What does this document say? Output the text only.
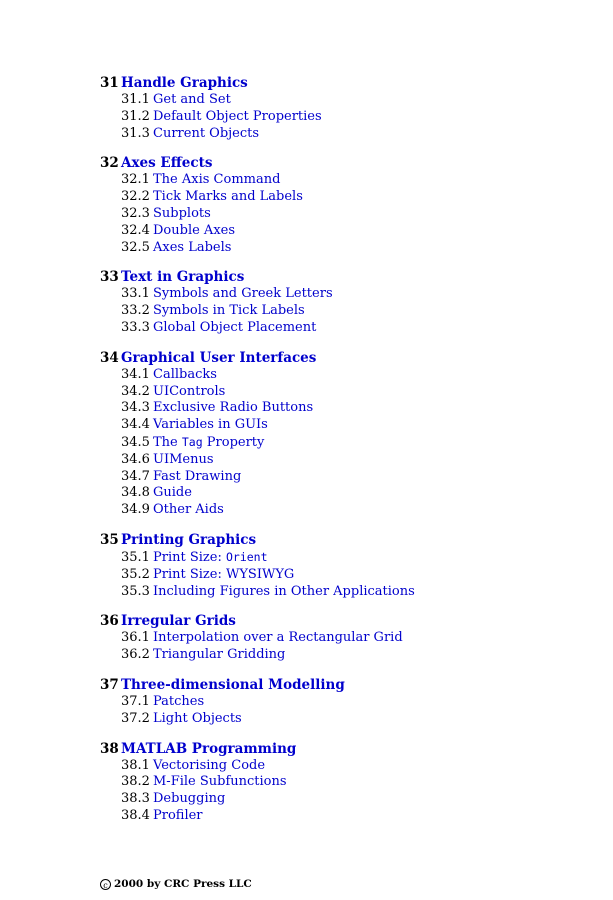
31 Handle Graphics
31.1 Get and Set
31.2 Default Object Properties
31.3 Current Objects
32 Axes Effects
32.1 The Axis Command
32.2 Tick Marks and Labels
32.3 Subplots
32.4 Double Axes
32.5 Axes Labels
33 Text in Graphics
33.1 Symbols and Greek Letters
33.2 Symbols in Tick Labels
33.3 Global Object Placement
34 Graphical User Interfaces
34.1 Callbacks
34.2 UIControls
34.3 Exclusive Radio Buttons
34.4 Variables in GUIs
34.5 The Tag Property
34.6 UIMenus
34.7 Fast Drawing
34.8 Guide
34.9 Other Aids
35 Printing Graphics
35.1 Print Size: Orient
35.2 Print Size: WYSIWYG
35.3 Including Figures in Other Applications
36 Irregular Grids
36.1 Interpolation over a Rectangular Grid
36.2 Triangular Gridding
37 Three-dimensional Modelling
37.1 Patches
37.2 Light Objects
38 MATLAB Programming
38.1 Vectorising Code
38.2 M-File Subfunctions
38.3 Debugging
38.4 Profiler
c 2000 by CRC Press LLC
